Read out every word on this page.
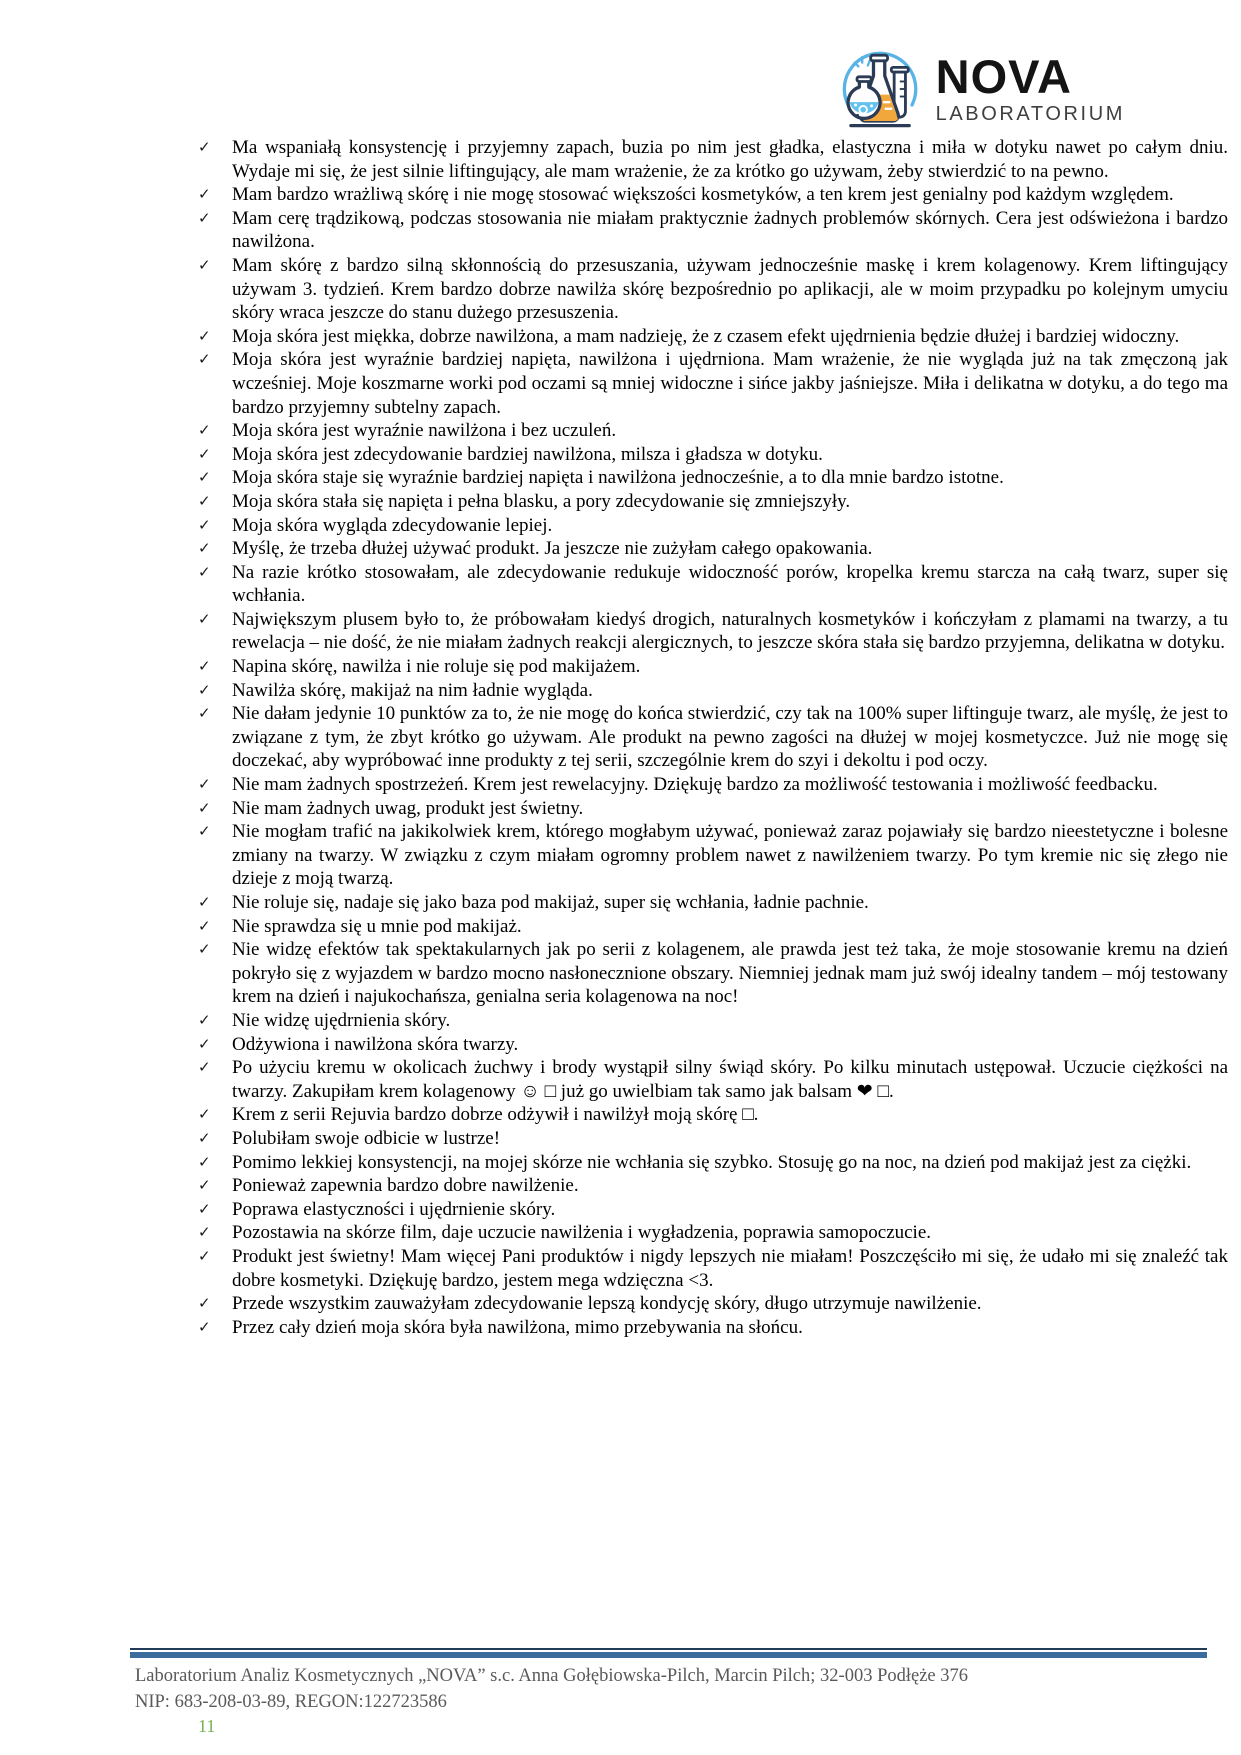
NOVA
LABORATORIUM
✓ Ma wspaniałą konsystencję i przyjemny zapach, buzia po nim jest gładka, elastyczna i miła w dotyku nawet po całym dniu. Wydaje mi się, że jest silnie liftingujący, ale mam wrażenie, że za krótko go używam, żeby stwierdzić to na pewno.
✓ Mam bardzo wrażliwą skórę i nie mogę stosować większości kosmetyków, a ten krem jest genialny pod każdym względem.
✓ Mam cerę trądzikową, podczas stosowania nie miałam praktycznie żadnych problemów skórnych. Cera jest odświeżona i bardzo nawilżona.
✓ Mam skórę z bardzo silną skłonnością do przesuszania, używam jednocześnie maskę i krem kolagenowy. Krem liftingujący używam 3. tydzień. Krem bardzo dobrze nawilża skórę bezpośrednio po aplikacji, ale w moim przypadku po kolejnym umyciu skóry wraca jeszcze do stanu dużego przesuszenia.
✓ Moja skóra jest miękka, dobrze nawilżona, a mam nadzieję, że z czasem efekt ujędrnienia będzie dłużej i bardziej widoczny.
✓ Moja skóra jest wyraźnie bardziej napięta, nawilżona i ujędrniona. Mam wrażenie, że nie wygląda już na tak zmęczoną jak wcześniej. Moje koszmarne worki pod oczami są mniej widoczne i sińce jakby jaśniejsze. Miła i delikatna w dotyku, a do tego ma bardzo przyjemny subtelny zapach.
✓ Moja skóra jest wyraźnie nawilżona i bez uczuleń.
✓ Moja skóra jest zdecydowanie bardziej nawilżona, milsza i gładsza w dotyku.
✓ Moja skóra staje się wyraźnie bardziej napięta i nawilżona jednocześnie, a to dla mnie bardzo istotne.
✓ Moja skóra stała się napięta i pełna blasku, a pory zdecydowanie się zmniejszyły.
✓ Moja skóra wygląda zdecydowanie lepiej.
✓ Myślę, że trzeba dłużej używać produkt. Ja jeszcze nie zużyłam całego opakowania.
✓ Na razie krótko stosowałam, ale zdecydowanie redukuje widoczność porów, kropelka kremu starcza na całą twarz, super się wchłania.
✓ Największym plusem było to, że próbowałam kiedyś drogich, naturalnych kosmetyków i kończyłam z plamami na twarzy, a tu rewelacja – nie dość, że nie miałam żadnych reakcji alergicznych, to jeszcze skóra stała się bardzo przyjemna, delikatna w dotyku.
✓ Napina skórę, nawilża i nie roluje się pod makijażem.
✓ Nawilża skórę, makijaż na nim ładnie wygląda.
✓ Nie dałam jedynie 10 punktów za to, że nie mogę do końca stwierdzić, czy tak na 100% super liftinguje twarz, ale myślę, że jest to związane z tym, że zbyt krótko go używam. Ale produkt na pewno zagości na dłużej w mojej kosmetyczce. Już nie mogę się doczekać, aby wypróbować inne produkty z tej serii, szczególnie krem do szyi i dekoltu i pod oczy.
✓ Nie mam żadnych spostrzeżeń. Krem jest rewelacyjny. Dziękuję bardzo za możliwość testowania i możliwość feedbacku.
✓ Nie mam żadnych uwag, produkt jest świetny.
✓ Nie mogłam trafić na jakikolwiek krem, którego mogłabym używać, ponieważ zaraz pojawiały się bardzo nieestetyczne i bolesne zmiany na twarzy. W związku z czym miałam ogromny problem nawet z nawilżeniem twarzy. Po tym kremie nic się złego nie dzieje z moją twarzą.
✓ Nie roluje się, nadaje się jako baza pod makijaż, super się wchłania, ładnie pachnie.
✓ Nie sprawdza się u mnie pod makijaż.
✓ Nie widzę efektów tak spektakularnych jak po serii z kolagenem, ale prawda jest też taka, że moje stosowanie kremu na dzień pokryło się z wyjazdem w bardzo mocno nasłonecznione obszary. Niemniej jednak mam już swój idealny tandem – mój testowany krem na dzień i najukochańsza, genialna seria kolagenowa na noc!
✓ Nie widzę ujędrnienia skóry.
✓ Odżywiona i nawilżona skóra twarzy.
✓ Po użyciu kremu w okolicach żuchwy i brody wystąpił silny świąd skóry. Po kilku minutach ustępował. Uczucie ciężkości na twarzy. Zakupiłam krem kolagenowy ☺ □ już go uwielbiam tak samo jak balsam ❤ □.
✓ Krem z serii Rejuvia bardzo dobrze odżywił i nawilżył moją skórę □.
✓ Polubiłam swoje odbicie w lustrze!
✓ Pomimo lekkiej konsystencji, na mojej skórze nie wchłania się szybko. Stosuję go na noc, na dzień pod makijaż jest za ciężki.
✓ Ponieważ zapewnia bardzo dobre nawilżenie.
✓ Poprawa elastyczności i ujędrnienie skóry.
✓ Pozostawia na skórze film, daje uczucie nawilżenia i wygładzenia, poprawia samopoczucie.
✓ Produkt jest świetny! Mam więcej Pani produktów i nigdy lepszych nie miałam! Poszczęściło mi się, że udało mi się znaleźć tak dobre kosmetyki. Dziękuję bardzo, jestem mega wdzięczna <3.
✓ Przede wszystkim zauważyłam zdecydowanie lepszą kondycję skóry, długo utrzymuje nawilżenie.
✓ Przez cały dzień moja skóra była nawilżona, mimo przebywania na słońcu.
Laboratorium Analiz Kosmetycznych „NOVA” s.c. Anna Gołębiowska-Pilch, Marcin Pilch; 32-003 Podłęże 376
NIP: 683-208-03-89, REGON:122723586
11
